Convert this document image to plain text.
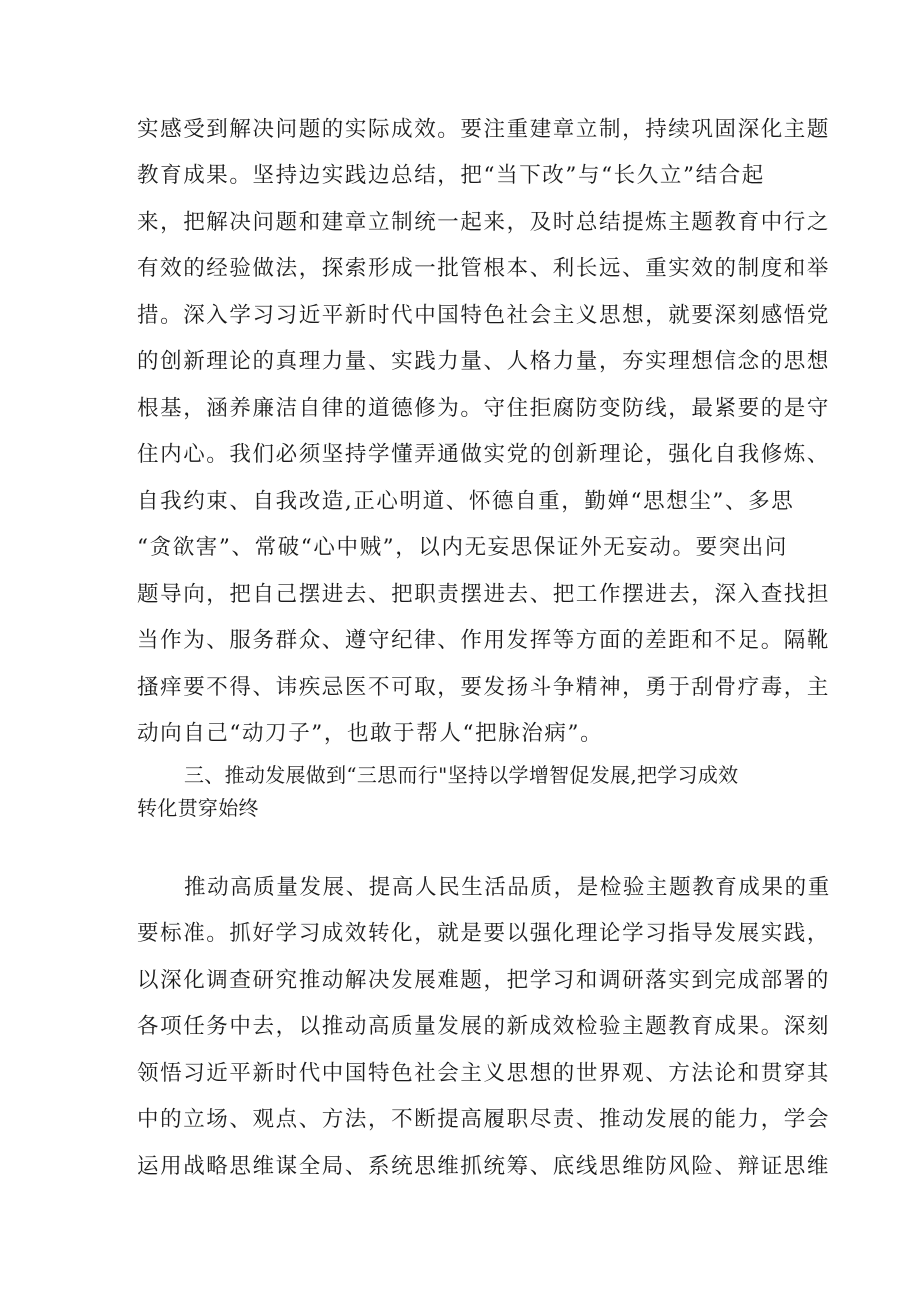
实感受到解决问题的实际成效。要注重建章立制，持续巩固深化主题
教育成果。坚持边实践边总结，把“当下改”与“长久立”结合起
来，把解决问题和建章立制统一起来，及时总结提炼主题教育中行之
有效的经验做法，探索形成一批管根本、利长远、重实效的制度和举
措。深入学习习近平新时代中国特色社会主义思想，就要深刻感悟党
的创新理论的真理力量、实践力量、人格力量，夯实理想信念的思想
根基，涵养廉洁自律的道德修为。守住拒腐防变防线，最紧要的是守
住内心。我们必须坚持学懂弄通做实党的创新理论，强化自我修炼、
自我约束、自我改造,正心明道、怀德自重，勤婵“思想尘”、多思
“贪欲害”、常破“心中贼”，以内无妄思保证外无妄动。要突出问
题导向，把自己摆进去、把职责摆进去、把工作摆进去，深入查找担
当作为、服务群众、遵守纪律、作用发挥等方面的差距和不足。隔靴
搔痒要不得、讳疾忌医不可取，要发扬斗争精神，勇于刮骨疗毒，主
动向自己“动刀子”，也敢于帮人“把脉治病”。
三、推动发展做到“三思而行"坚持以学增智促发展,把学习成效
转化贯穿始终
推动高质量发展、提高人民生活品质，是检验主题教育成果的重
要标准。抓好学习成效转化，就是要以强化理论学习指导发展实践，
以深化调查研究推动解决发展难题，把学习和调研落实到完成部署的
各项任务中去，以推动高质量发展的新成效检验主题教育成果。深刻
领悟习近平新时代中国特色社会主义思想的世界观、方法论和贯穿其
中的立场、观点、方法，不断提高履职尽责、推动发展的能力，学会
运用战略思维谋全局、系统思维抓统筹、底线思维防风险、辩证思维
